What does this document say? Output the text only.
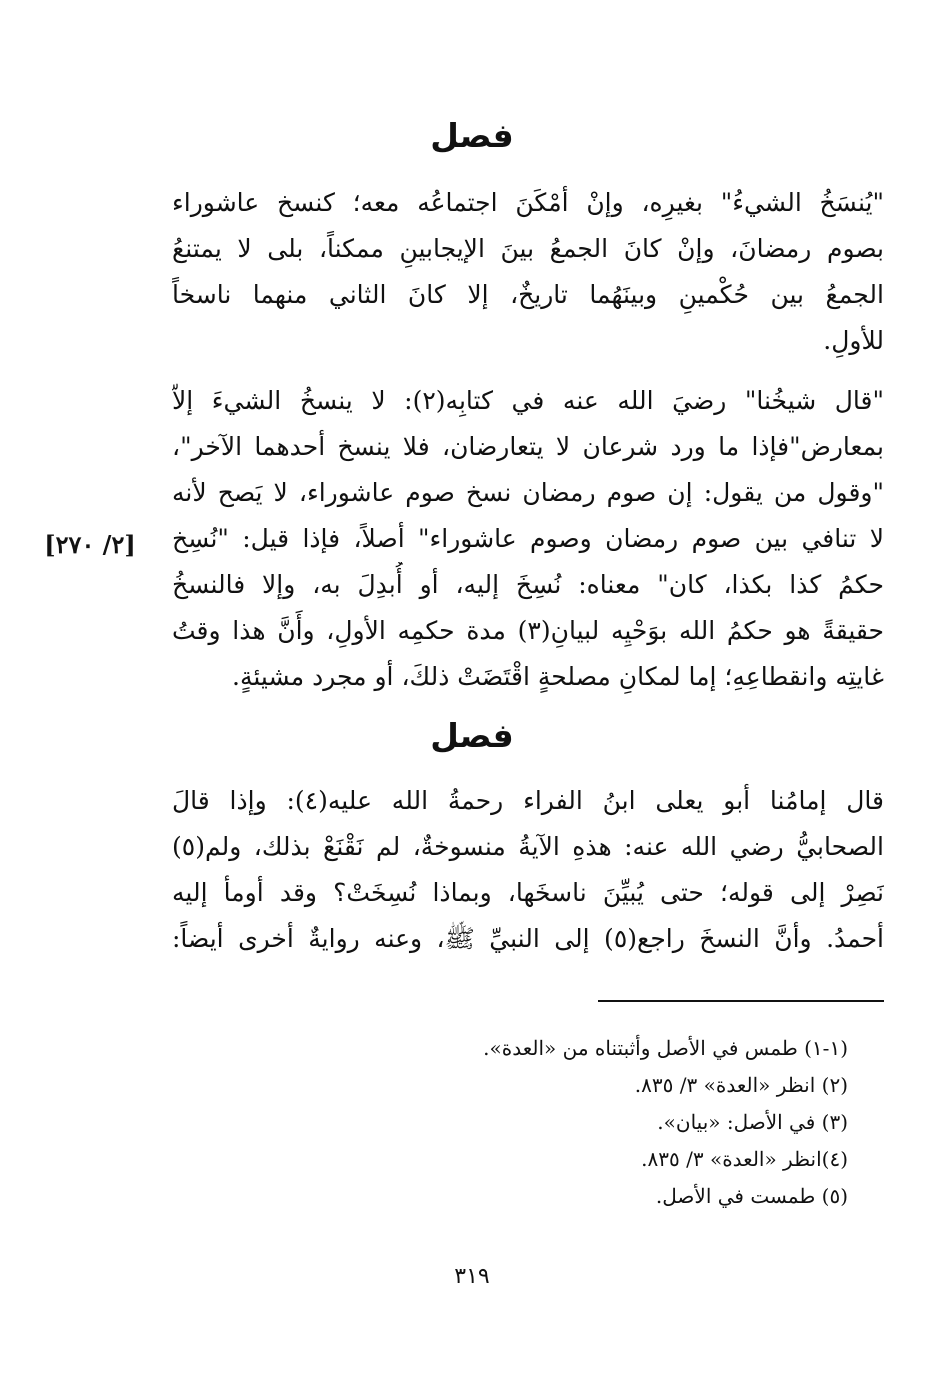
فصل
"يُنسَخُ الشيءُ" بغيرِه، وإنْ أمْكَنَ اجتماعُه معه؛ كنسخ عاشوراء
بصوم رمضانَ، وإنْ كانَ الجمعُ بينَ الإيجابينِ ممكناً، بلى لا يمتنعُ
الجمعُ بين حُكْمينِ وبينَهُما تاريخٌ، إلا كانَ الثاني منهما ناسخاً
للأولِ.
"قال شيخُنا" رضيَ الله عنه في كتابِه(٢): لا ينسخُ الشيءَ إلاّ
بمعارض"فإذا ما ورد شرعان لا يتعارضان، فلا ينسخ أحدهما الآخر"،
"وقول من يقول: إن صوم رمضان نسخ صوم عاشوراء، لا يَصح لأنه
لا تنافي بين صوم رمضان وصوم عاشوراء" أصلاً، فإذا قيل: "نُسِخ
حكمُ كذا بكذا، كان" معناه: نُسِخَ إليه، أو أُبدِلَ به، وإلا فالنسخُ
حقيقةً هو حكمُ الله بوَحْيِه لبيانِ(٣) مدة حكمِه الأولِ، وأَنَّ هذا وقتُ
غايتِه وانقطاعِهِ؛ إما لمكانِ مصلحةٍ اقْتَضَتْ ذلكَ، أو مجرد مشيئةٍ.
[٢/ ٢٧٠]
فصل
قال إمامُنا أبو يعلى ابنُ الفراء رحمةُ الله عليه(٤): وإذا قالَ
الصحابيُّ رضي الله عنه: هذهِ الآيةُ منسوخةٌ، لم نَقْنَعْ بذلك، ولم(٥)
نَصِرْ إلى قوله؛ حتى يُبيِّنَ ناسخَها، وبماذا نُسِخَتْ؟ وقد أومأ إليه
أحمدُ. وأنَّ النسخَ راجع(٥) إلى النبيِّ ﷺ، وعنه روايةٌ أخرى أيضاً:
(١-١) طمس في الأصل وأثبتناه من «العدة».
(٢) انظر «العدة» ٣/ ٨٣٥.
(٣) في الأصل: «بيان».
(٤)انظر «العدة» ٣/ ٨٣٥.
(٥) طمست في الأصل.
٣١٩
